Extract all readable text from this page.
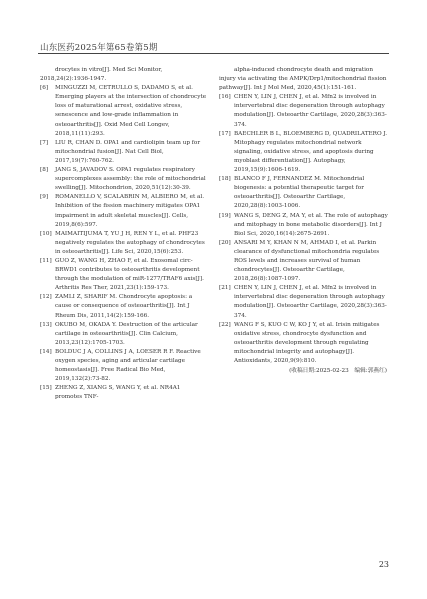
山东医药2025年第65卷第5期
drocytes in vitro[J]. Med Sci Monitor, 2018,24(2):1936-1947.
[6]	MINGUZZI M, CETRULLO S, DADAMO S, et al. Emerging players at the intersection of chondrocyte loss of maturational arrest, oxidative stress, senescence and low-grade inflammation in osteoarthritis[J]. Oxid Med Cell Longev, 2018,11(11):293.
[7]	LIU R, CHAN D. OPA1 and cardiolipin team up for mitochondrial fusion[J]. Nat Cell Biol, 2017,19(7):760-762.
[8]	JANG S, JAVADOV S. OPA1 regulates respiratory supercomplexes assembly: the role of mitochondrial swelling[J]. Mitochondrion, 2020,51(12):30-39.
[9]	ROMANELLO V, SCALABRIN M, ALBIERO M, et al. Inhibition of the fission machinery mitigates OPA1 impairment in adult skeletal muscles[J]. Cells, 2019,8(6):597.
[10] MAIMAITIJUMA T, YU J H, REN Y L, et al. PHF23 negatively regulates the autophagy of chondrocytes in osteoarthritis[J]. Life Sci, 2020,15(6):253.
[11] GUO Z, WANG H, ZHAO F, et al. Exosomal circ-BRWD1 contributes to osteoarthritis development through the modulation of miR-1277/TRAF6 axis[J]. Arthritis Res Ther, 2021,23(1):159-173.
[12] ZAMLI Z, SHARIF M. Chondrocyte apoptosis: a cause or consequence of osteoarthritis[J]. Int J Rheum Dis, 2011,14(2):159-166.
[13] OKUBO M, OKADA Y. Destruction of the articular cartilage in osteoarthritis[J]. Clin Calcium, 2013,23(12):1705-1703.
[14] BOLDUC J A, COLLINS J A, LOESER R F. Reactive oxygen species, aging and articular cartilage homeostasis[J]. Free Radical Bio Med, 2019,132(2):73-82.
[15] ZHENG Z, XIANG S, WANG Y, et al. NR4A1 promotes TNF-
alpha-induced chondrocyte death and migration injury via activating the AMPK/Drp1/mitochondrial fission pathway[J]. Int J Mol Med, 2020,45(1):151-161.
[16] CHEN Y, LIN J, CHEN J, et al. Mfn2 is involved in intervertebral disc degeneration through autophagy modulation[J]. Osteoarthr Cartilage, 2020,28(3):363-374.
[17] BAECHLER B L, BLOEMBERG D, QUADRILATERO J. Mitophagy regulates mitochondrial network signaling, oxidative stress, and apoptosis during myoblast differentiation[J]. Autophagy, 2019,15(9):1606-1619.
[18] BLANCO F J, FERNANDEZ M. Mitochondrial biogenesis: a potential therapeutic target for osteoarthritis[J]. Osteoarthr Cartilage, 2020,28(8):1003-1006.
[19] WANG S, DENG Z, MA Y, et al. The role of autophagy and mitophagy in bone metabolic disorders[J]. Int J Biol Sci, 2020,16(14):2675-2691.
[20] ANSARI M Y, KHAN N M, AHMAD I, et al. Parkin clearance of dysfunctional mitochondria regulates ROS levels and increases survival of human chondrocytes[J]. Osteoarthr Cartilage, 2018,26(8):1087-1097.
[21] CHEN Y, LIN J, CHEN J, et al. Mfn2 is involved in intervertebral disc degeneration through autophagy modulation[J]. Osteoarthr Cartilage, 2020,28(3):363-374.
[22] WANG F S, KUO C W, KO J Y, et al. Irisin mitigates oxidative stress, chondrocyte dysfunction and osteoarthritis development through regulating mitochondrial integrity and autophagy[J]. Antioxidants, 2020,9(9):810.
(收稿日期:2025-02-23　编辑:郭燕红)
23
